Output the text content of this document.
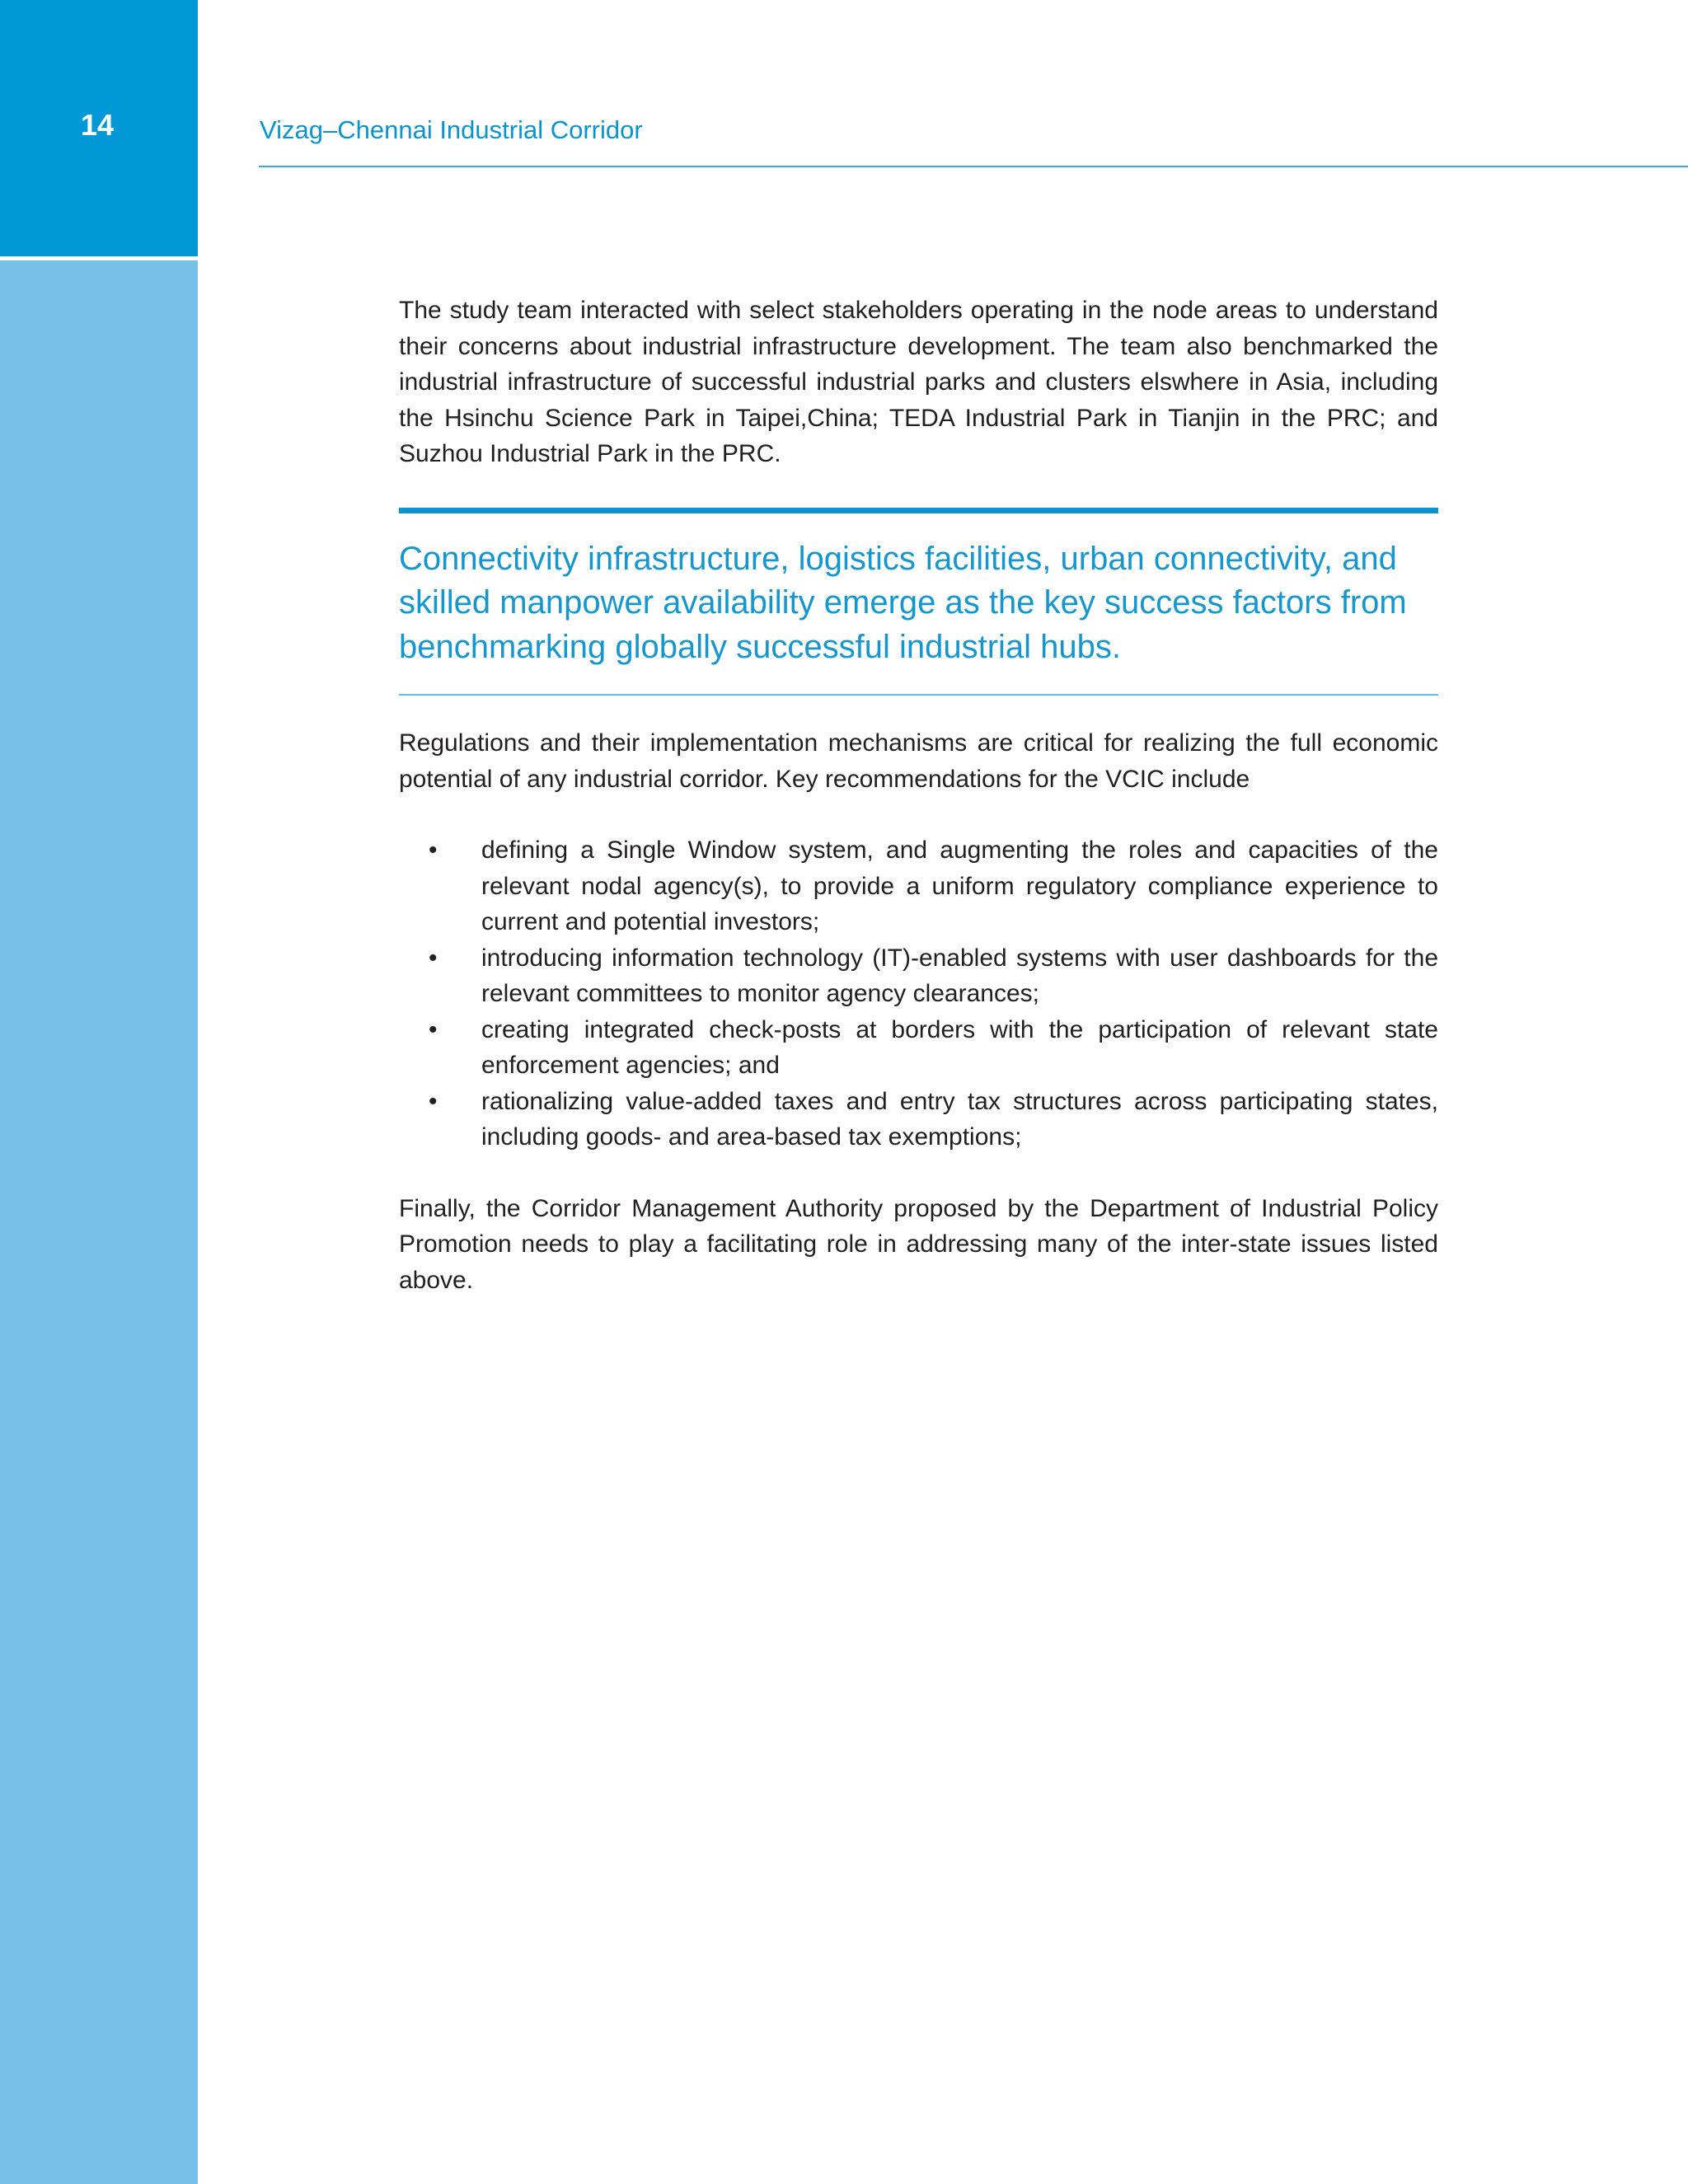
14	Vizag–Chennai Industrial Corridor

The study team interacted with select stakeholders operating in the node areas to understand their concerns about industrial infrastructure development. The team also benchmarked the industrial infrastructure of successful industrial parks and clusters elswhere in Asia, including the Hsinchu Science Park in Taipei,China; TEDA Industrial Park in Tianjin in the PRC; and Suzhou Industrial Park in the PRC.

Connectivity infrastructure, logistics facilities, urban connectivity, and skilled manpower availability emerge as the key success factors from benchmarking globally successful industrial hubs.

Regulations and their implementation mechanisms are critical for realizing the full economic potential of any industrial corridor. Key recommendations for the VCIC include

• defining a Single Window system, and augmenting the roles and capacities of the relevant nodal agency(s), to provide a uniform regulatory compliance experience to current and potential investors;
• introducing information technology (IT)-enabled systems with user dashboards for the relevant committees to monitor agency clearances;
• creating integrated check-posts at borders with the participation of relevant state enforcement agencies; and
• rationalizing value-added taxes and entry tax structures across participating states, including goods- and area-based tax exemptions;

Finally, the Corridor Management Authority proposed by the Department of Industrial Policy Promotion needs to play a facilitating role in addressing many of the inter-state issues listed above.
